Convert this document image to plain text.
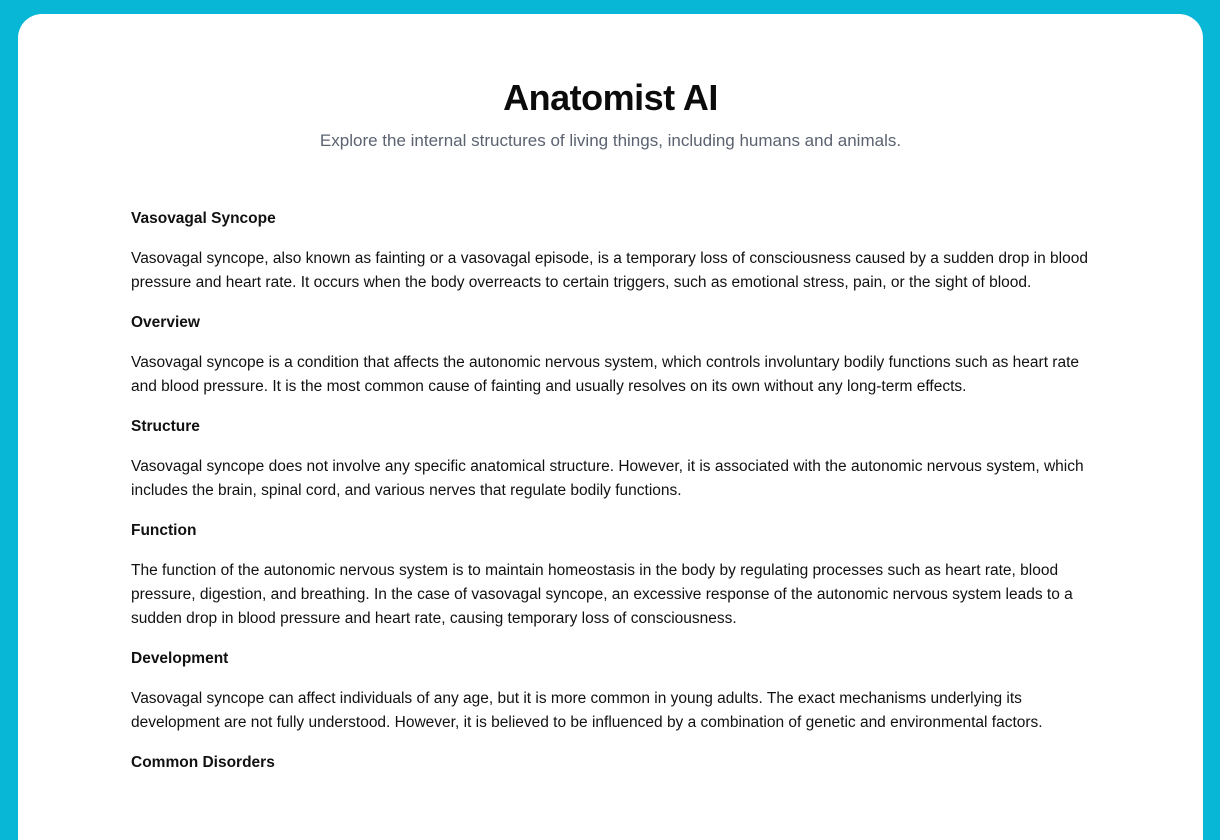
Anatomist AI

Explore the internal structures of living things, including humans and animals.

Vasovagal Syncope

Vasovagal syncope, also known as fainting or a vasovagal episode, is a temporary loss of consciousness caused by a sudden drop in blood pressure and heart rate. It occurs when the body overreacts to certain triggers, such as emotional stress, pain, or the sight of blood.

Overview

Vasovagal syncope is a condition that affects the autonomic nervous system, which controls involuntary bodily functions such as heart rate and blood pressure. It is the most common cause of fainting and usually resolves on its own without any long-term effects.

Structure

Vasovagal syncope does not involve any specific anatomical structure. However, it is associated with the autonomic nervous system, which includes the brain, spinal cord, and various nerves that regulate bodily functions.

Function

The function of the autonomic nervous system is to maintain homeostasis in the body by regulating processes such as heart rate, blood pressure, digestion, and breathing. In the case of vasovagal syncope, an excessive response of the autonomic nervous system leads to a sudden drop in blood pressure and heart rate, causing temporary loss of consciousness.

Development

Vasovagal syncope can affect individuals of any age, but it is more common in young adults. The exact mechanisms underlying its development are not fully understood. However, it is believed to be influenced by a combination of genetic and environmental factors.

Common Disorders
